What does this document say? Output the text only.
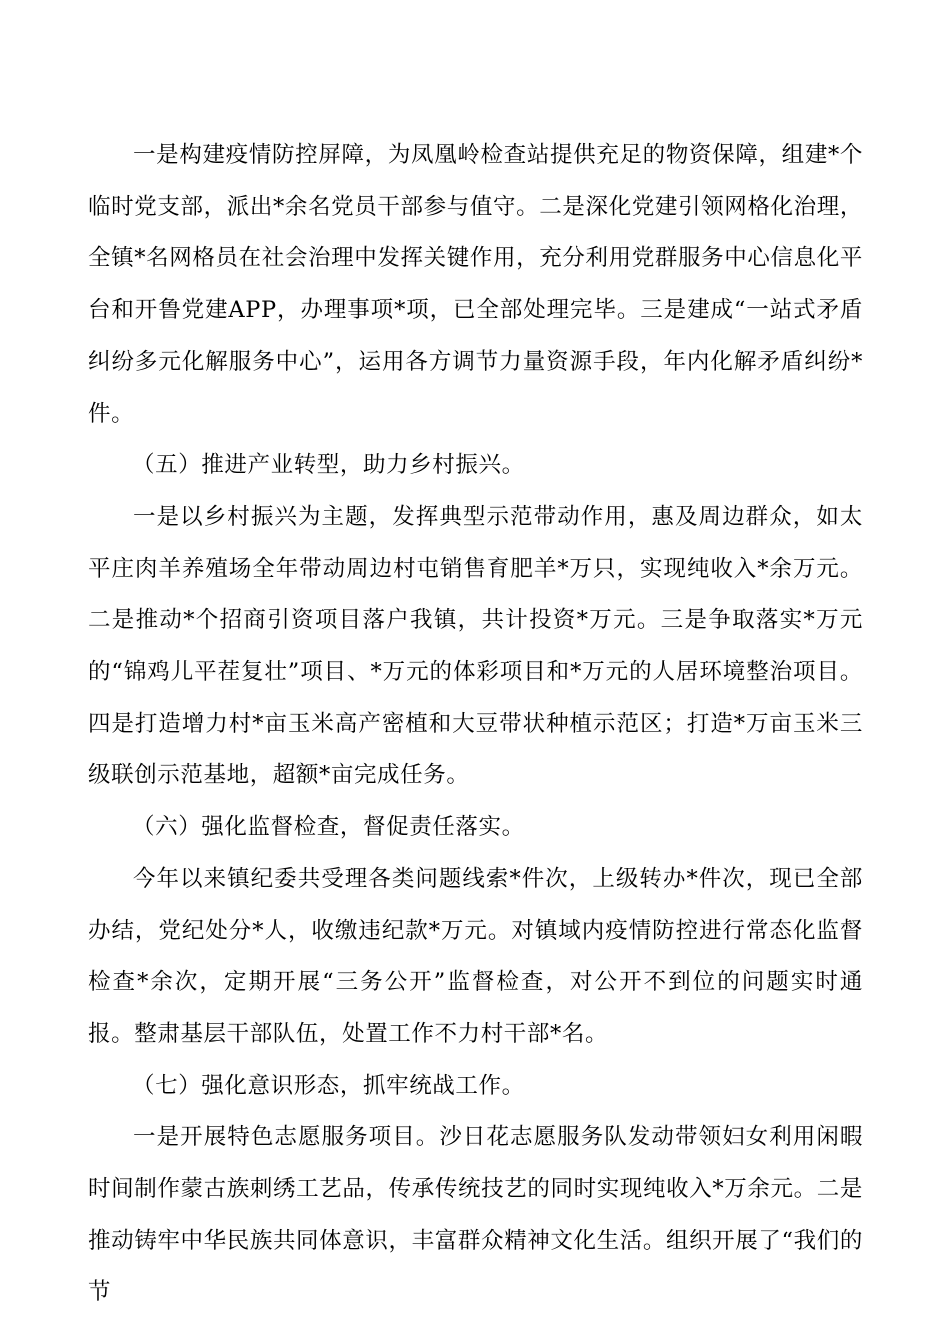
一是构建疫情防控屏障，为凤凰岭检查站提供充足的物资保障，组建*个临时党支部，派出*余名党员干部参与值守。二是深化党建引领网格化治理，全镇*名网格员在社会治理中发挥关键作用，充分利用党群服务中心信息化平台和开鲁党建APP，办理事项*项，已全部处理完毕。三是建成“一站式矛盾纠纷多元化解服务中心”，运用各方调节力量资源手段，年内化解矛盾纠纷*件。

（五）推进产业转型，助力乡村振兴。

一是以乡村振兴为主题，发挥典型示范带动作用，惠及周边群众，如太平庄肉羊养殖场全年带动周边村屯销售育肥羊*万只，实现纯收入*余万元。二是推动*个招商引资项目落户我镇，共计投资*万元。三是争取落实*万元的“锦鸡儿平茬复壮”项目、*万元的体彩项目和*万元的人居环境整治项目。四是打造增力村*亩玉米高产密植和大豆带状种植示范区；打造*万亩玉米三级联创示范基地，超额*亩完成任务。

（六）强化监督检查，督促责任落实。

今年以来镇纪委共受理各类问题线索*件次，上级转办*件次，现已全部办结，党纪处分*人，收缴违纪款*万元。对镇域内疫情防控进行常态化监督检查*余次，定期开展“三务公开”监督检查，对公开不到位的问题实时通报。整肃基层干部队伍，处置工作不力村干部*名。

（七）强化意识形态，抓牢统战工作。

一是开展特色志愿服务项目。沙日花志愿服务队发动带领妇女利用闲暇时间制作蒙古族刺绣工艺品，传承传统技艺的同时实现纯收入*万余元。二是推动铸牢中华民族共同体意识，丰富群众精神文化生活。组织开展了“我们的节
